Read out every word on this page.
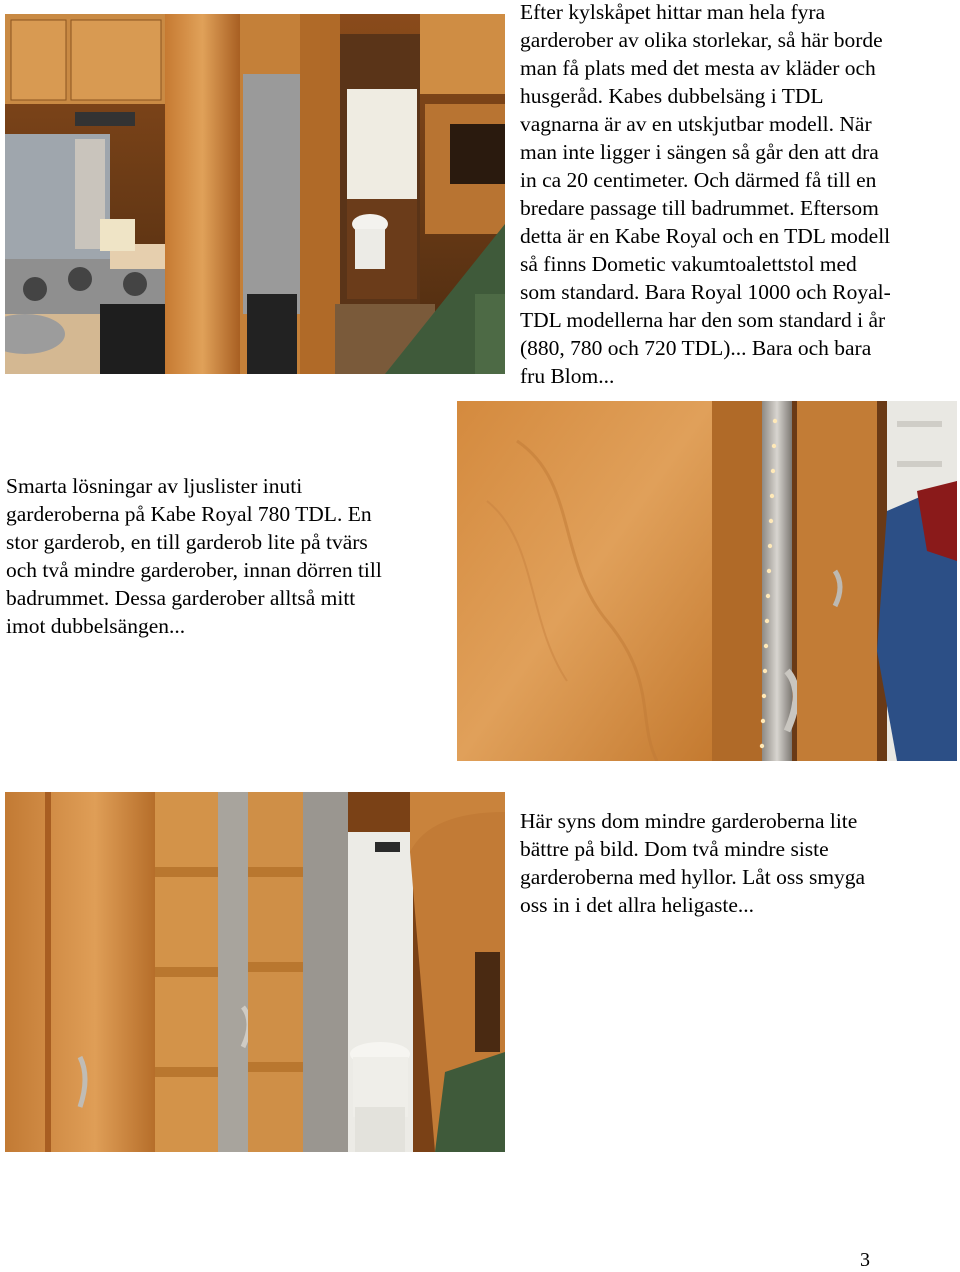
Efter kylskåpet hittar man hela fyra
garderober av olika storlekar, så här borde
man få plats med det mesta av kläder och
husgeråd. Kabes dubbelsäng i TDL
vagnarna är av en utskjutbar modell. När
man inte ligger i sängen så går den att dra
in ca 20 centimeter. Och därmed få till en
bredare passage till badrummet. Eftersom
detta är en Kabe Royal och en TDL modell
så finns Dometic vakumtoalettstol med
som standard. Bara Royal 1000 och Royal-
TDL modellerna har den som standard i år
(880, 780 och 720 TDL)... Bara och bara
fru Blom...

Smarta lösningar av ljuslister inuti
garderoberna på Kabe Royal 780 TDL. En
stor garderob, en till garderob lite på tvärs
och två mindre garderober, innan dörren till
badrummet. Dessa garderober alltså mitt
imot dubbelsängen...

Här syns dom mindre garderoberna lite
bättre på bild. Dom två mindre siste
garderoberna med hyllor. Låt oss smyga
oss in i det allra heligaste...

3
